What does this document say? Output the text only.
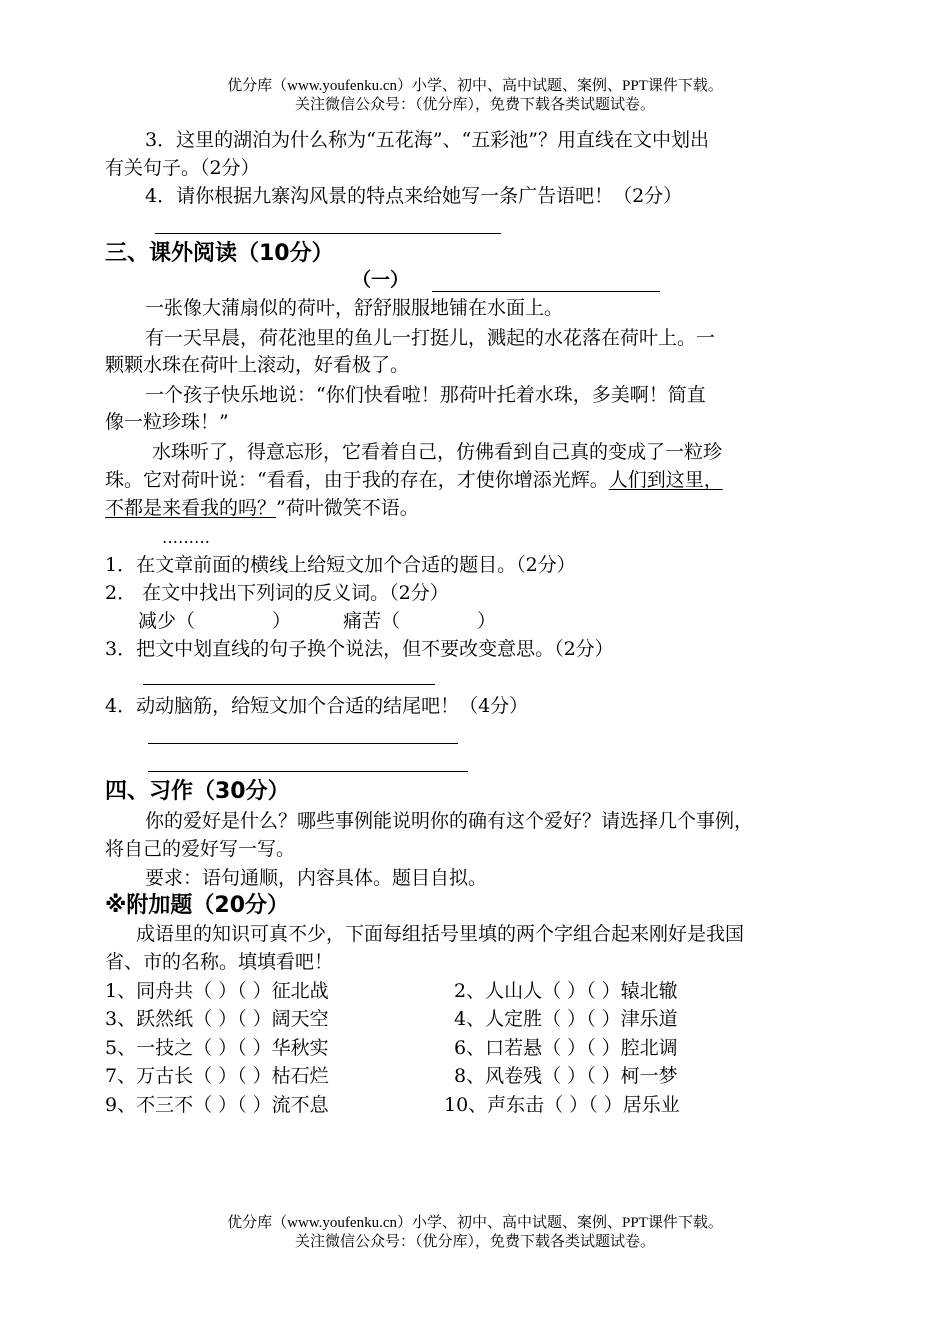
优分库（www.youfenku.cn）小学、初中、高中试题、案例、PPT课件下载。
关注微信公众号：（优分库），免费下载各类试题试卷。
3．这里的湖泊为什么称为“五花海”、“五彩池”？用直线在文中划出
有关句子。（2分）
4．请你根据九寨沟风景的特点来给她写一条广告语吧！（2分）
三、课外阅读（10分）
（一）
一张像大蒲扇似的荷叶，舒舒服服地铺在水面上。
有一天早晨，荷花池里的鱼儿一打挺儿，溅起的水花落在荷叶上。一
颗颗水珠在荷叶上滚动，好看极了。
一个孩子快乐地说：“你们快看啦！那荷叶托着水珠，多美啊！简直
像一粒珍珠！”
水珠听了，得意忘形，它看着自己，仿佛看到自己真的变成了一粒珍
珠。它对荷叶说：“看看，由于我的存在，才使你增添光辉。人们到这里，
不都是来看我的吗？”荷叶微笑不语。
………
1．在文章前面的横线上给短文加个合适的题目。（2分）
2． 在文中找出下列词的反义词。（2分）
减少（	）	痛苦（	）
3．把文中划直线的句子换个说法，但不要改变意思。（2分）
4．动动脑筋，给短文加个合适的结尾吧！（4分）
四、习作（30分）
你的爱好是什么？哪些事例能说明你的确有这个爱好？请选择几个事例，
将自己的爱好写一写。
要求：语句通顺，内容具体。题目自拟。
※附加题（20分）
成语里的知识可真不少，下面每组括号里填的两个字组合起来刚好是我国
省、市的名称。填填看吧！
1、同舟共（ ）（ ）征北战	2、人山人（ ）（ ）辕北辙
3、跃然纸（ ）（ ）阔天空	4、人定胜（ ）（ ）津乐道
5、一技之（ ）（ ）华秋实	6、口若悬（ ）（ ）腔北调
7、万古长（ ）（ ）枯石烂	8、风卷残（ ）（ ）柯一梦
9、不三不（ ）（ ）流不息	10、声东击（ ）（ ）居乐业
优分库（www.youfenku.cn）小学、初中、高中试题、案例、PPT课件下载。
关注微信公众号：（优分库），免费下载各类试题试卷。
